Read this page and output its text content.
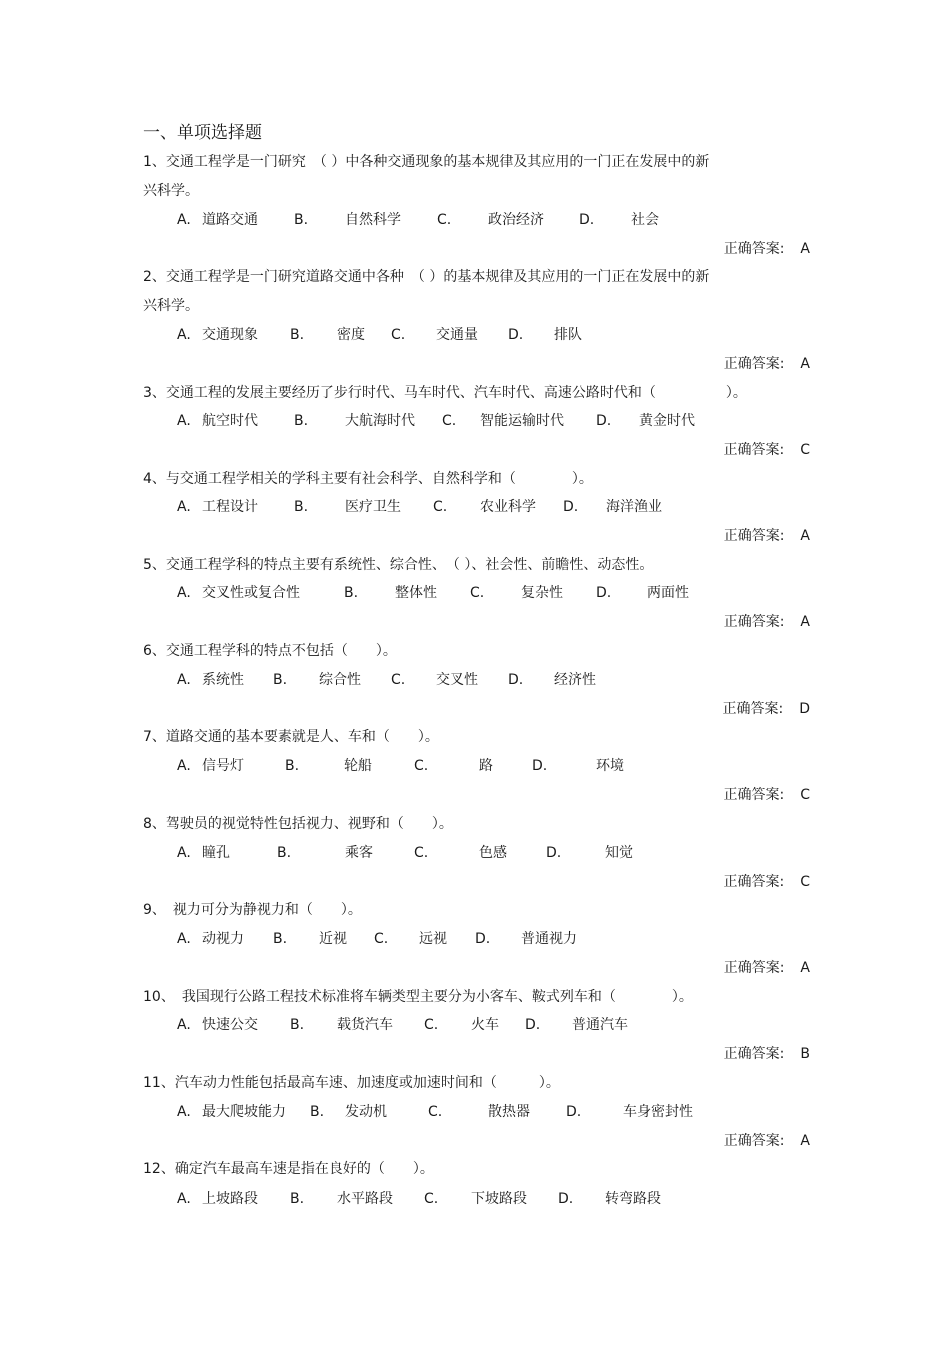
一、单项选择题
1、交通工程学是一门研究　（ ）中各种交通现象的基本规律及其应用的一门正在发展中的新
兴科学。
A. 道路交通	B.	自然科学	C.	政治经济	D.	社会
正确答案: A
2、交通工程学是一门研究道路交通中各种　（ ）的基本规律及其应用的一门正在发展中的新
兴科学。
A. 交通现象 B. 密度 C. 交通量 D. 排队
正确答案: A
3、交通工程的发展主要经历了步行时代、马车时代、汽车时代、高速公路时代和（　　　　　）。
A. 航空时代	B.	大航海时代 C. 智能运输时代 D. 黄金时代
正确答案: C
4、与交通工程学相关的学科主要有社会科学、自然科学和（　　　　）。
A. 工程设计	B.	医疗卫生 C. 农业科学 D. 海洋渔业
正确答案: A
5、交通工程学科的特点主要有系统性、综合性、　（ ）、社会性、前瞻性、动态性。
A. 交叉性或复合性	B.	整体性 C.	复杂性 D.	两面性
正确答案: A
6、交通工程学科的特点不包括（　　）。
A. 系统性 B. 综合性 C. 交叉性 D. 经济性
正确答案: D
7、道路交通的基本要素就是人、车和（　　）。
A. 信号灯	B.	轮船	C.	路	D.	环境
正确答案: C
8、驾驶员的视觉特性包括视力、视野和（　　）。
A. 瞳孔	B.	乘客	C.	色感	D.	知觉
正确答案: C
9、　视力可分为静视力和（　　）。
A. 动视力 B. 近视 C. 远视 D. 普通视力
正确答案: A
10、　我国现行公路工程技术标准将车辆类型主要分为小客车、鞍式列车和（　　　　）。
A. 快速公交 B. 载货汽车 C. 火车 D. 普通汽车
正确答案: B
11、汽车动力性能包括最高车速、加速度或加速时间和（　　　）。
A. 最大爬坡能力 B. 发动机	C.	散热器	D.	车身密封性
正确答案: A
12、确定汽车最高车速是指在良好的（　　）。
A. 上坡路段 B. 水平路段 C. 下坡路段 D. 转弯路段
